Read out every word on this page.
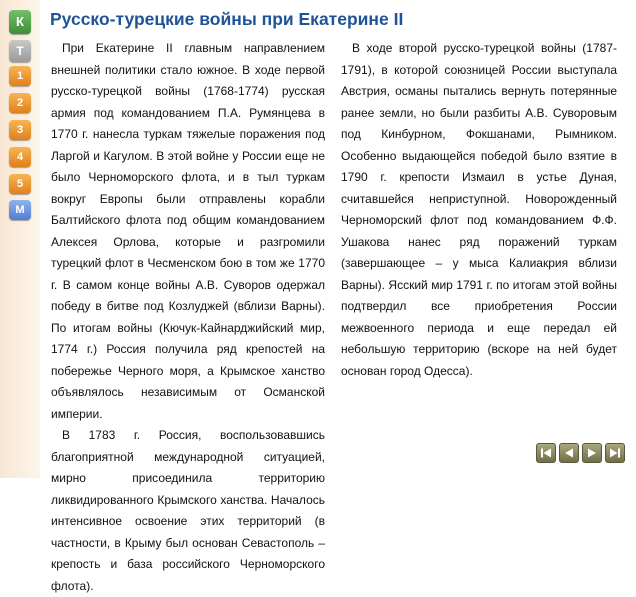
К
Т
1
2
3
4
5
М
Русско-турецкие войны при Екатерине II

При Екатерине II главным направлением внешней политики стало южное. В ходе первой русско-турецкой войны (1768-1774) русская армия под командованием П.А. Румянцева в 1770 г. нанесла туркам тяжелые поражения под Ларгой и Кагулом. В этой войне у России еще не было Черноморского флота, и в тыл туркам вокруг Европы были отправлены корабли Балтийского флота под общим командованием Алексея Орлова, которые и разгромили турецкий флот в Чесменском бою в том же 1770 г. В самом конце войны А.В. Суворов одержал победу в битве под Козлуджей (вблизи Варны). По итогам войны (Кючук-Кайнарджийский мир, 1774 г.) Россия получила ряд крепостей на побережье Черного моря, а Крымское ханство объявлялось независимым от Османской империи.

В 1783 г. Россия, воспользовавшись благоприятной международной ситуацией, мирно присоединила территорию ликвидированного Крымского ханства. Началось интенсивное освоение этих территорий (в частности, в Крыму был основан Севастополь – крепость и база российского Черноморского флота).

В ходе второй русско-турецкой войны (1787-1791), в которой союзницей России выступала Австрия, османы пытались вернуть потерянные ранее земли, но были разбиты А.В. Суворовым под Кинбурном, Фокшанами, Рымником. Особенно выдающейся победой было взятие в 1790 г. крепости Измаил в устье Дуная, считавшейся неприступной. Новорожденный Черноморский флот под командованием Ф.Ф. Ушакова нанес ряд поражений туркам (завершающее – у мыса Калиакрия вблизи Варны). Ясский мир 1791 г. по итогам этой войны подтвердил все приобретения России межвоенного периода и еще передал ей небольшую территорию (вскоре на ней будет основан город Одесса).
